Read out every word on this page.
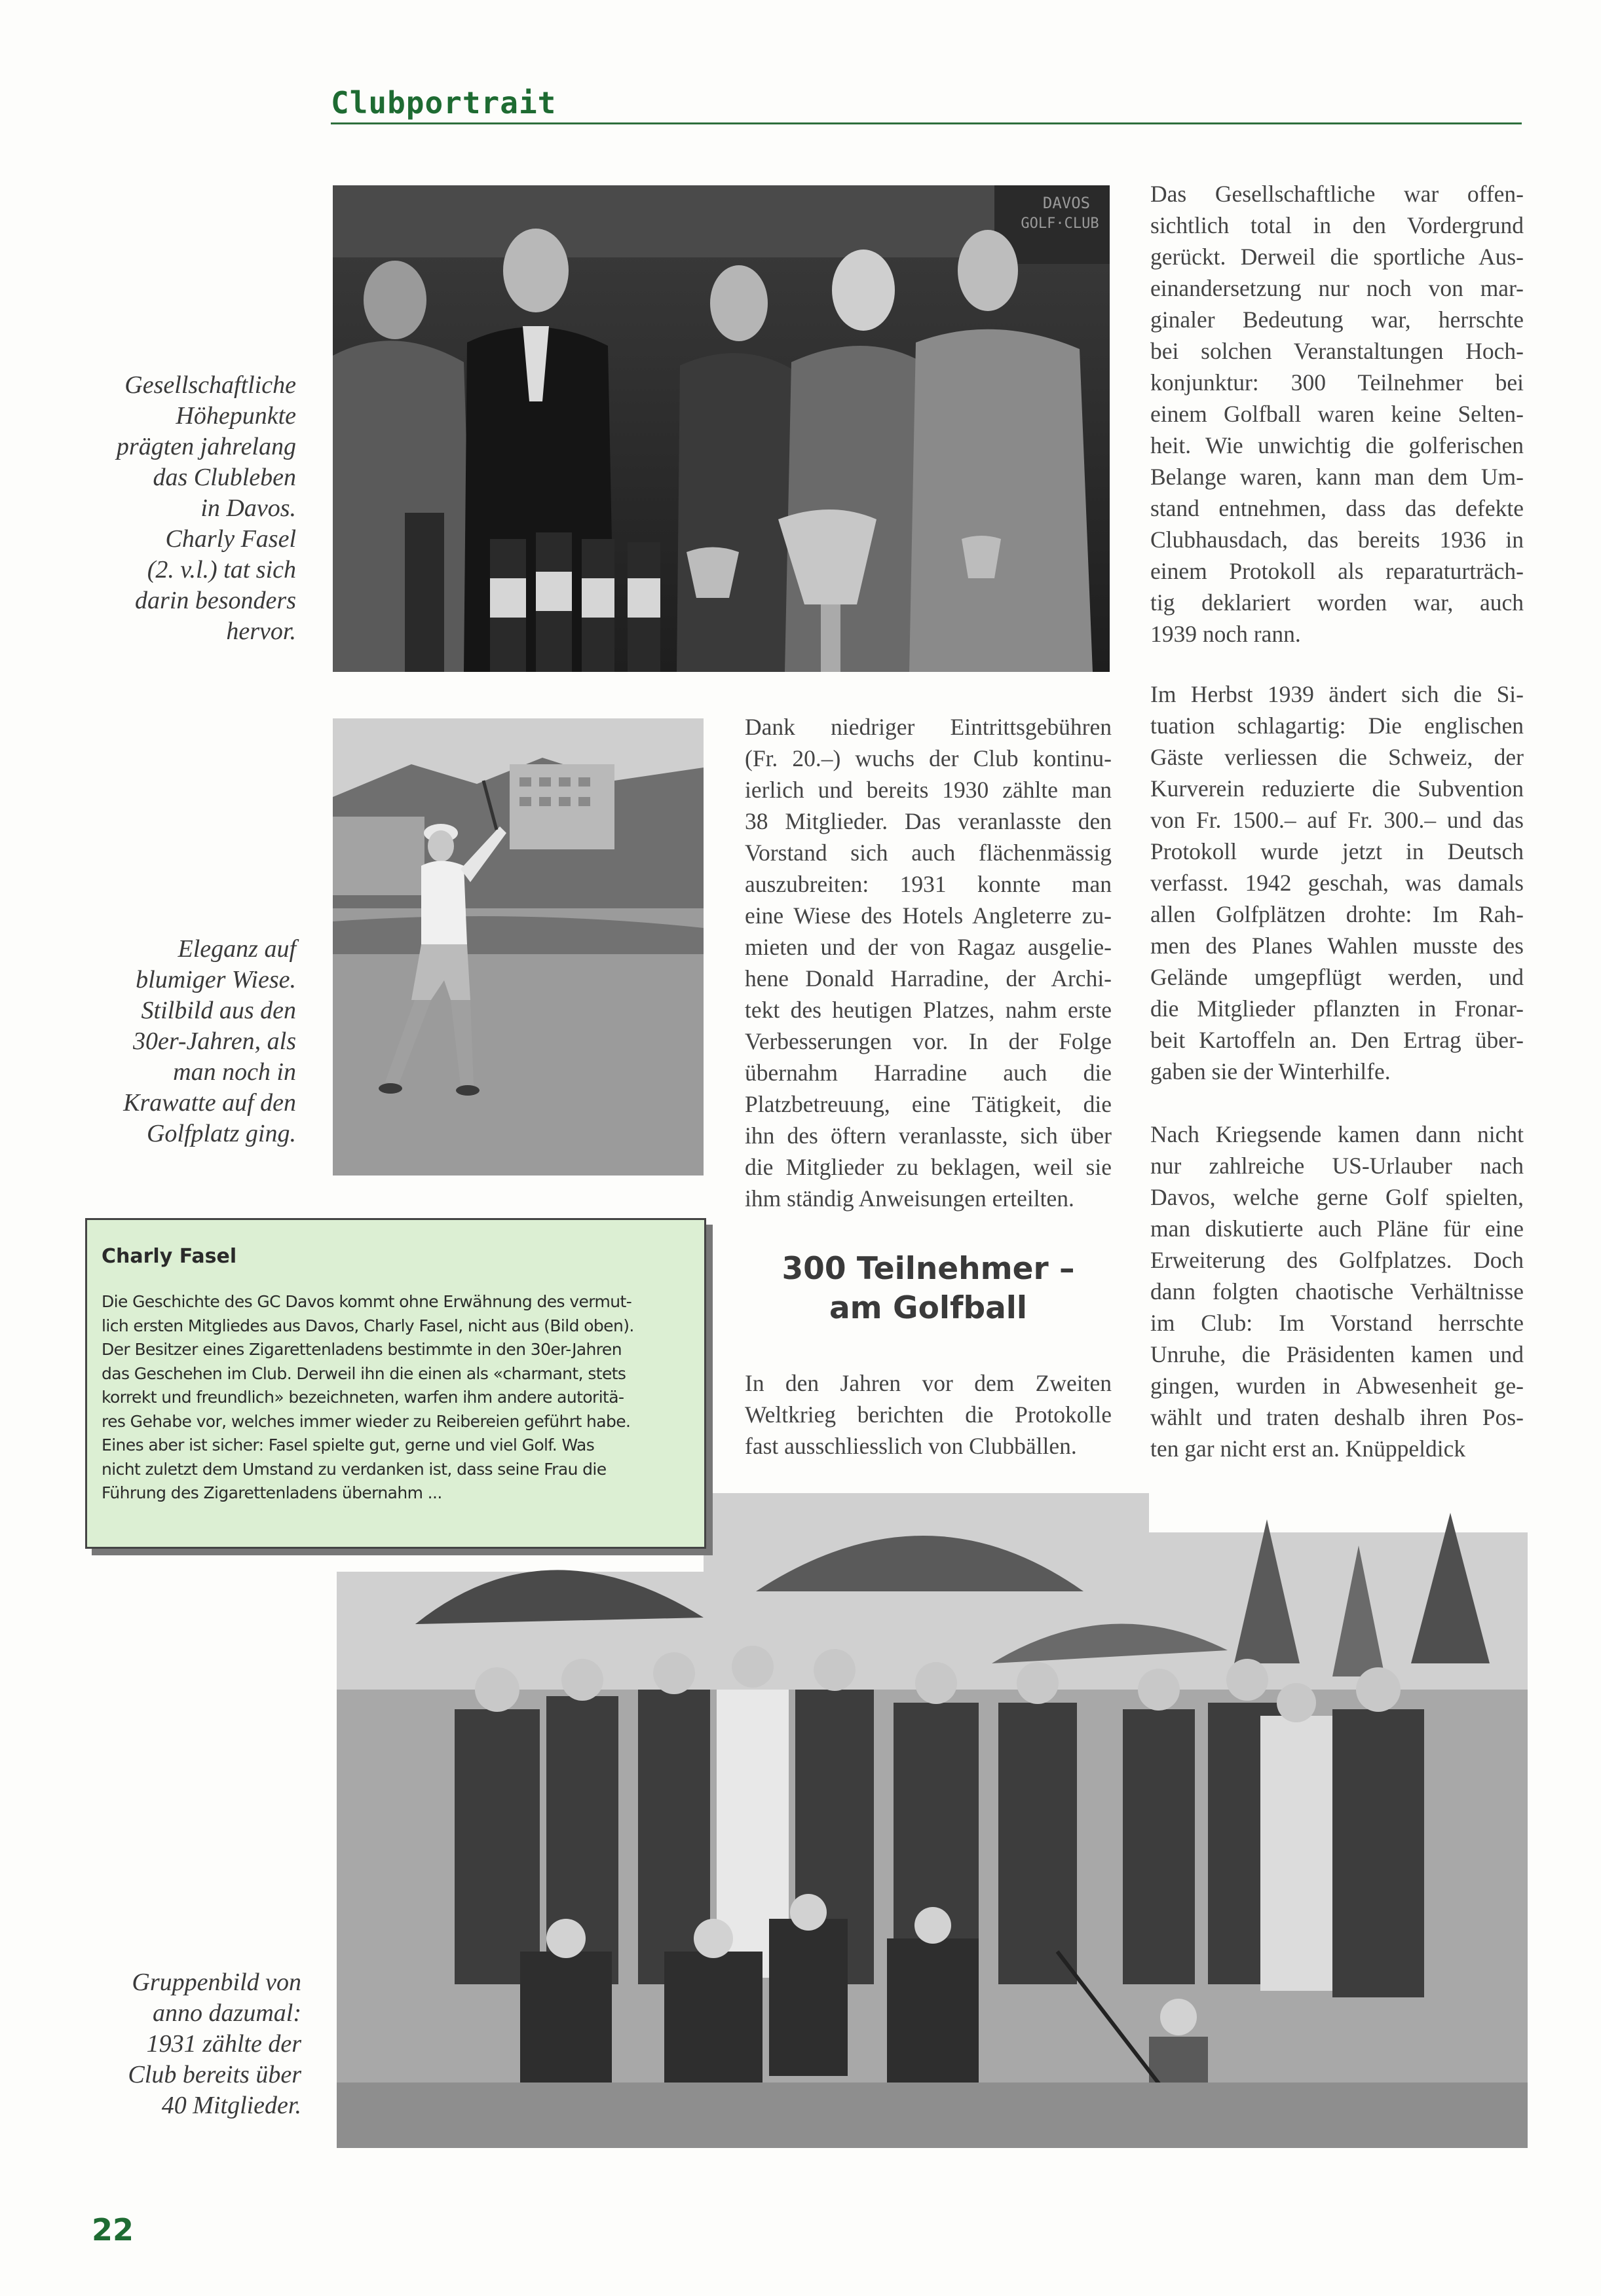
Clubportrait
DAVOS
GOLF·CLUB
Gesellschaftliche
Höhepunkte
prägten jahrelang
das Clubleben
in Davos.
Charly Fasel
(2. v.l.) tat sich
darin besonders
hervor.
Das Gesellschaftliche war offen-
sichtlich total in den Vordergrund
gerückt. Derweil die sportliche Aus-
einandersetzung nur noch von mar-
ginaler Bedeutung war, herrschte
bei solchen Veranstaltungen Hoch-
konjunktur: 300 Teilnehmer bei
einem Golfball waren keine Selten-
heit. Wie unwichtig die golferischen
Belange waren, kann man dem Um-
stand entnehmen, dass das defekte
Clubhausdach, das bereits 1936 in
einem Protokoll als reparaturträch-
tig deklariert worden war, auch
1939 noch rann.
Eleganz auf
blumiger Wiese.
Stilbild aus den
30er-Jahren, als
man noch in
Krawatte auf den
Golfplatz ging.
Dank niedriger Eintrittsgebühren
(Fr. 20.–) wuchs der Club kontinu-
ierlich und bereits 1930 zählte man
38 Mitglieder. Das veranlasste den
Vorstand sich auch flächenmässig
auszubreiten: 1931 konnte man
eine Wiese des Hotels Angleterre zu-
mieten und der von Ragaz ausgelie-
hene Donald Harradine, der Archi-
tekt des heutigen Platzes, nahm erste
Verbesserungen vor. In der Folge
übernahm Harradine auch die
Platzbetreuung, eine Tätigkeit, die
ihn des öftern veranlasste, sich über
die Mitglieder zu beklagen, weil sie
ihm ständig Anweisungen erteilten.
300 Teilnehmer –
am Golfball
In den Jahren vor dem Zweiten
Weltkrieg berichten die Protokolle
fast ausschliesslich von Clubbällen.
Im Herbst 1939 ändert sich die Si-
tuation schlagartig: Die englischen
Gäste verliessen die Schweiz, der
Kurverein reduzierte die Subvention
von Fr. 1500.– auf Fr. 300.– und das
Protokoll wurde jetzt in Deutsch
verfasst. 1942 geschah, was damals
allen Golfplätzen drohte: Im Rah-
men des Planes Wahlen musste des
Gelände umgepflügt werden, und
die Mitglieder pflanzten in Fronar-
beit Kartoffeln an. Den Ertrag über-
gaben sie der Winterhilfe.
Nach Kriegsende kamen dann nicht
nur zahlreiche US-Urlauber nach
Davos, welche gerne Golf spielten,
man diskutierte auch Pläne für eine
Erweiterung des Golfplatzes. Doch
dann folgten chaotische Verhältnisse
im Club: Im Vorstand herrschte
Unruhe, die Präsidenten kamen und
gingen, wurden in Abwesenheit ge-
wählt und traten deshalb ihren Pos-
ten gar nicht erst an. Knüppeldick
Charly Fasel
Die Geschichte des GC Davos kommt ohne Erwähnung des vermut-
lich ersten Mitgliedes aus Davos, Charly Fasel, nicht aus (Bild oben).
Der Besitzer eines Zigarettenladens bestimmte in den 30er-Jahren
das Geschehen im Club. Derweil ihn die einen als «charmant, stets
korrekt und freundlich» bezeichneten, warfen ihm andere autoritä-
res Gehabe vor, welches immer wieder zu Reibereien geführt habe.
Eines aber ist sicher: Fasel spielte gut, gerne und viel Golf. Was
nicht zuletzt dem Umstand zu verdanken ist, dass seine Frau die
Führung des Zigarettenladens übernahm ...
Gruppenbild von
anno dazumal:
1931 zählte der
Club bereits über
40 Mitglieder.
22
